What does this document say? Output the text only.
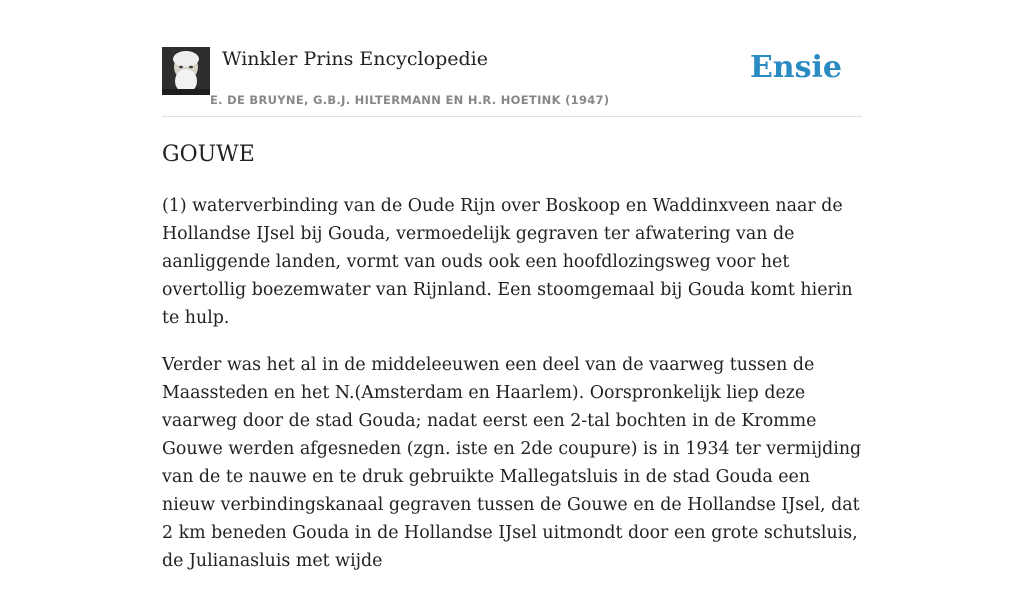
Winkler Prins Encyclopedie
E. DE BRUYNE, G.B.J. HILTERMANN EN H.R. HOETINK (1947)
Ensie
GOUWE

(1) waterverbinding van de Oude Rijn over Boskoop en Waddinxveen naar de Hollandse IJsel bij Gouda, vermoedelijk gegraven ter afwatering van de aanliggende landen, vormt van ouds ook een hoofdlozingsweg voor het overtollig boezemwater van Rijnland. Een stoomgemaal bij Gouda komt hierin te hulp.

Verder was het al in de middeleeuwen een deel van de vaarweg tussen de Maassteden en het N.(Amsterdam en Haarlem). Oorspronkelijk liep deze vaarweg door de stad Gouda; nadat eerst een 2-tal bochten in de Kromme Gouwe werden afgesneden (zgn. iste en 2de coupure) is in 1934 ter vermijding van de te nauwe en te druk gebruikte Mallegatsluis in de stad Gouda een nieuw verbindingskanaal gegraven tussen de Gouwe en de Hollandse IJsel, dat 2 km beneden Gouda in de Hollandse IJsel uitmondt door een grote schutsluis, de Julianasluis met wijde
